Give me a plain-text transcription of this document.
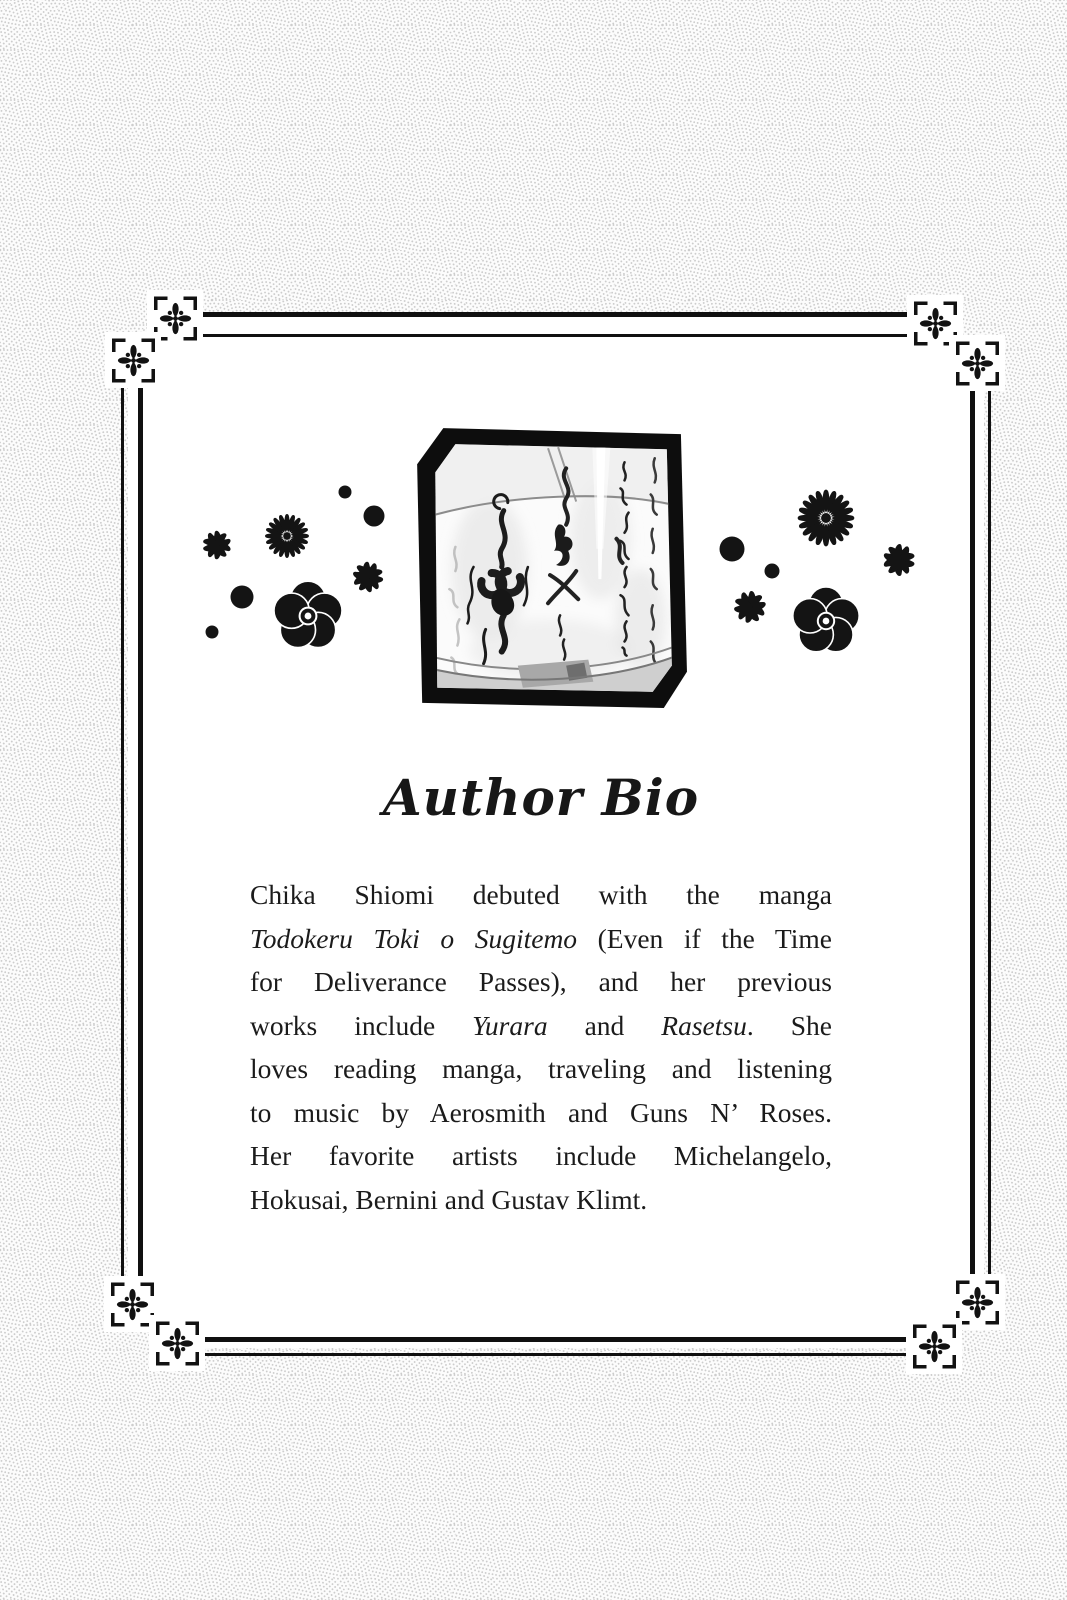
Author Bio
Chika Shiomi debuted with the manga
Todokeru Toki o Sugitemo (Even if the Time
for Deliverance Passes), and her previous
works include Yurara and Rasetsu. She
loves reading manga, traveling and listening
to music by Aerosmith and Guns N’ Roses.
Her favorite artists include Michelangelo,
Hokusai, Bernini and Gustav Klimt.
